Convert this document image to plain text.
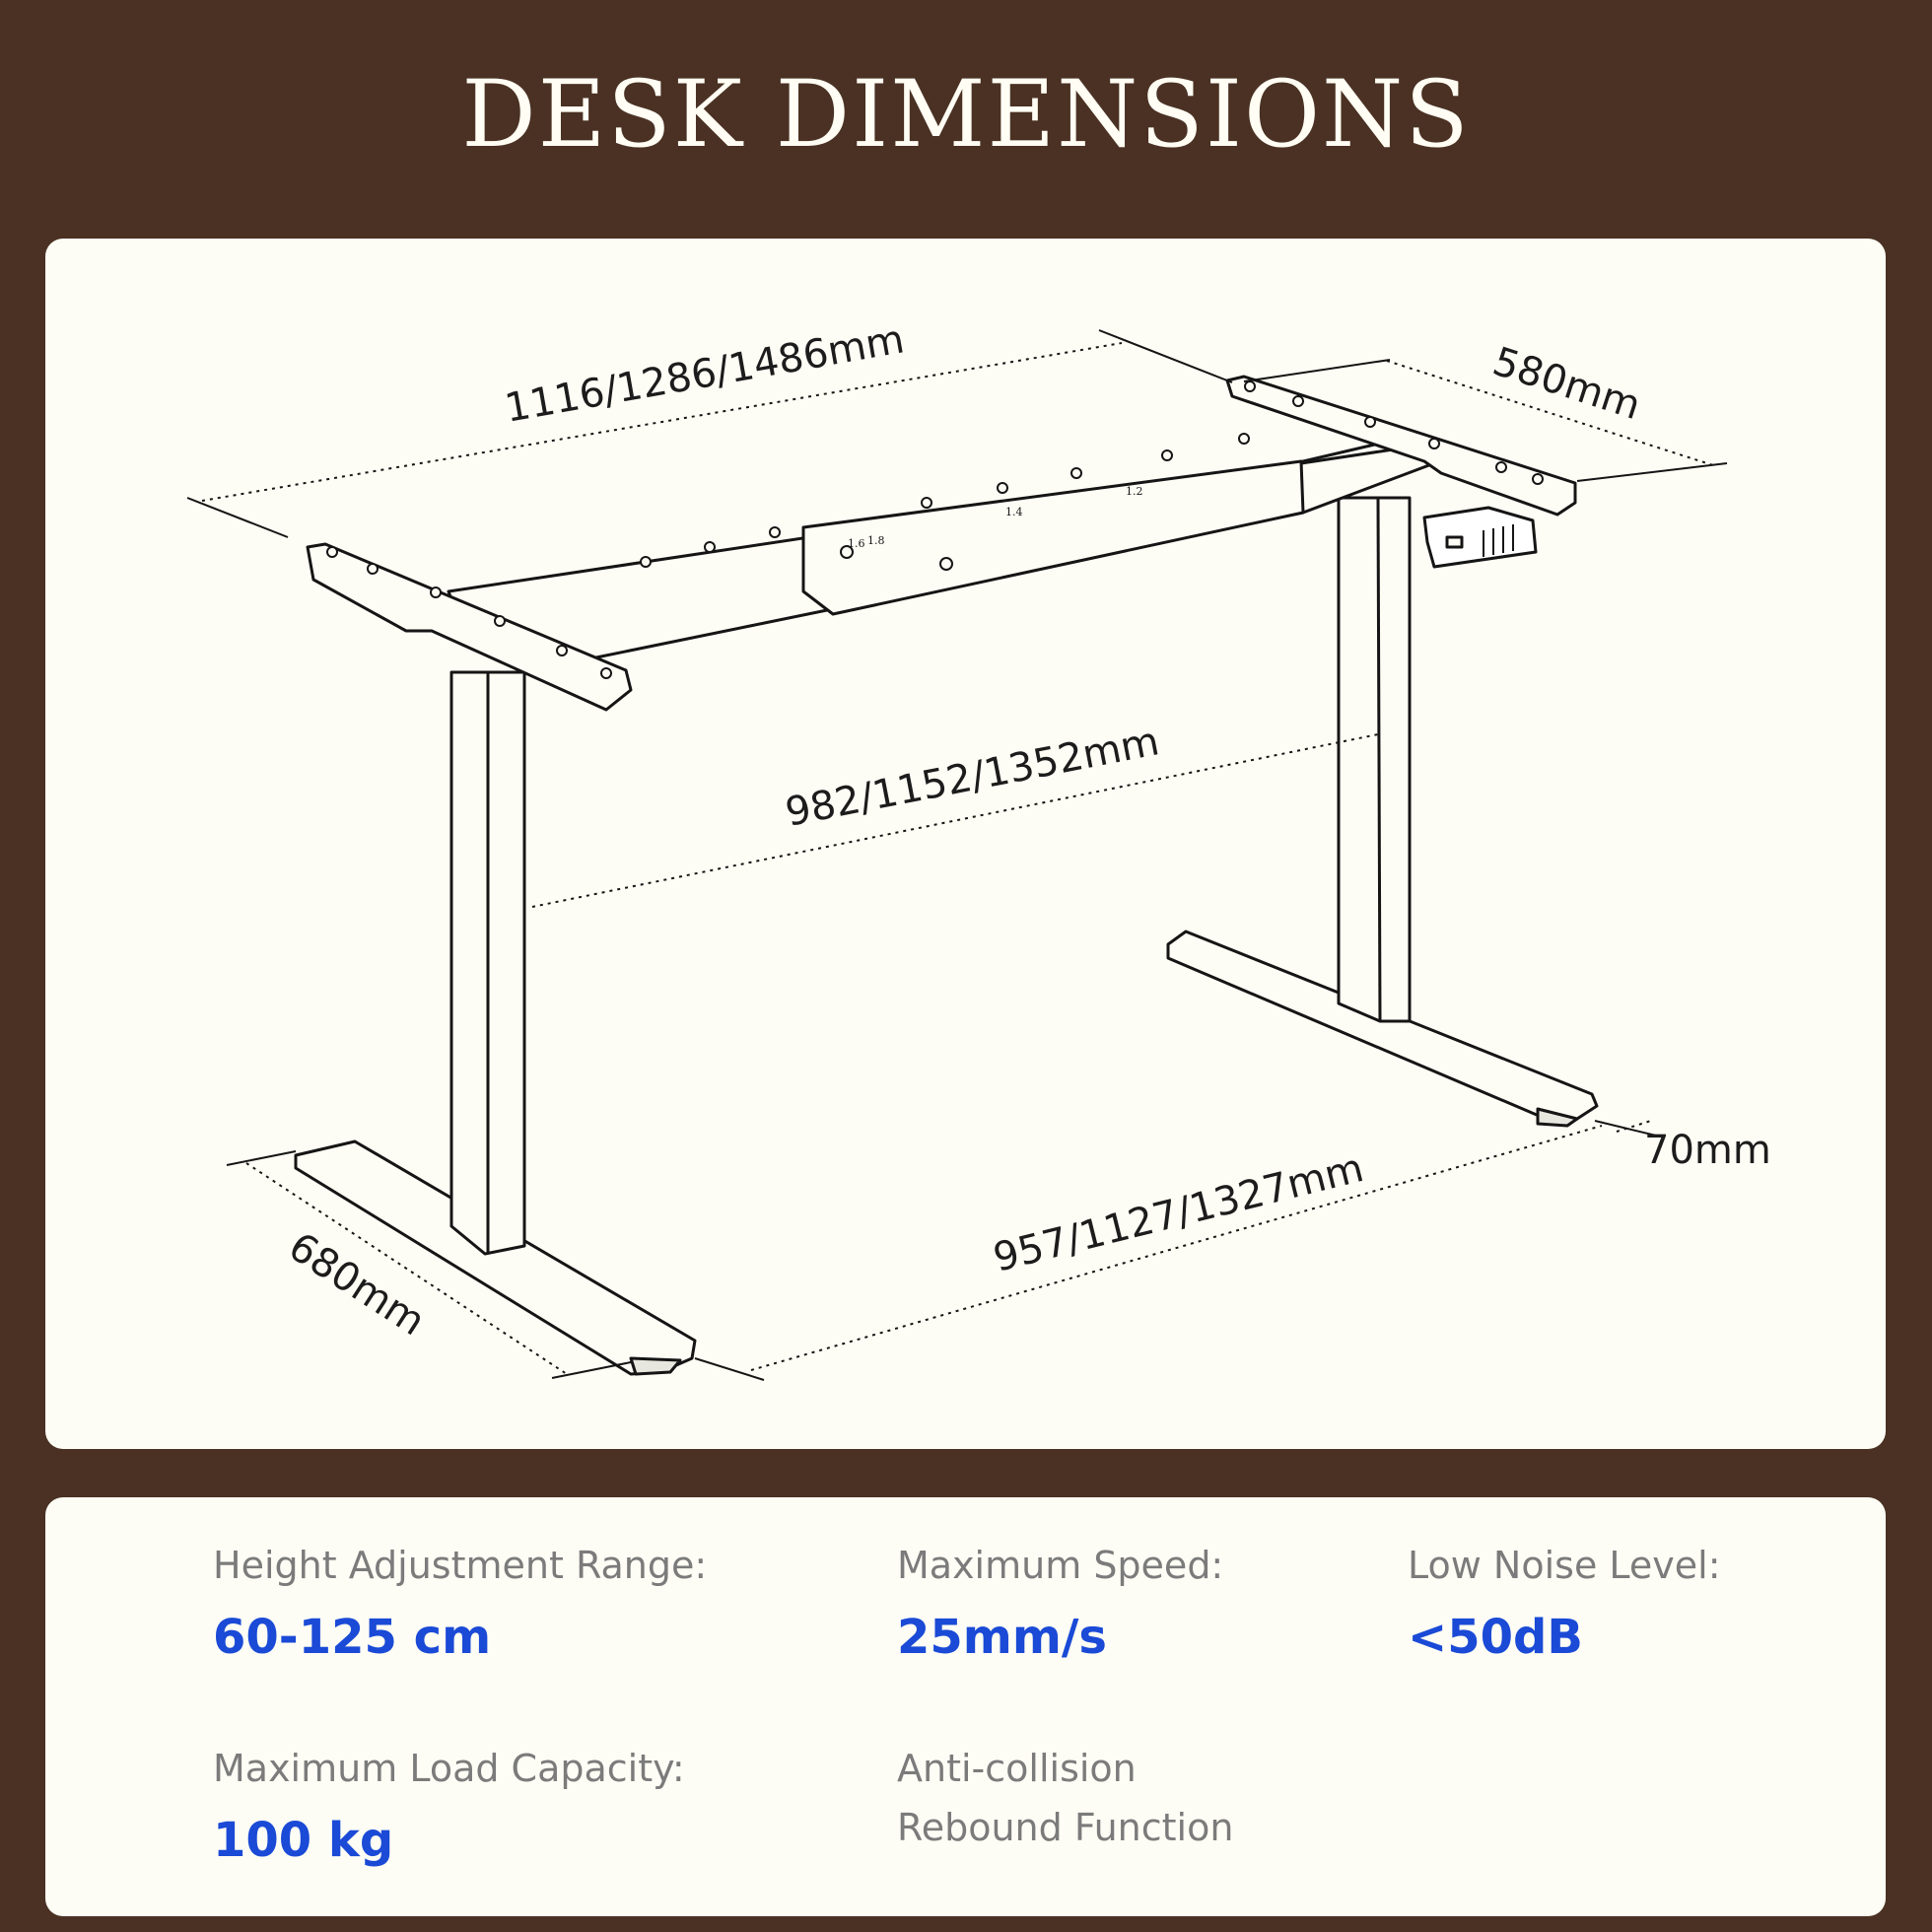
DESK DIMENSIONS
1.6 1.8
1.4
1.2
1116/1286/1486mm	580mm
982/1152/1352mm
957/1127/1327mm
680mm
70mm
Height Adjustment Range:
60-125 cm
Maximum Speed:
25mm/s
Low Noise Level:
<50dB
Maximum Load Capacity:
100 kg
Anti-collision
Rebound Function
